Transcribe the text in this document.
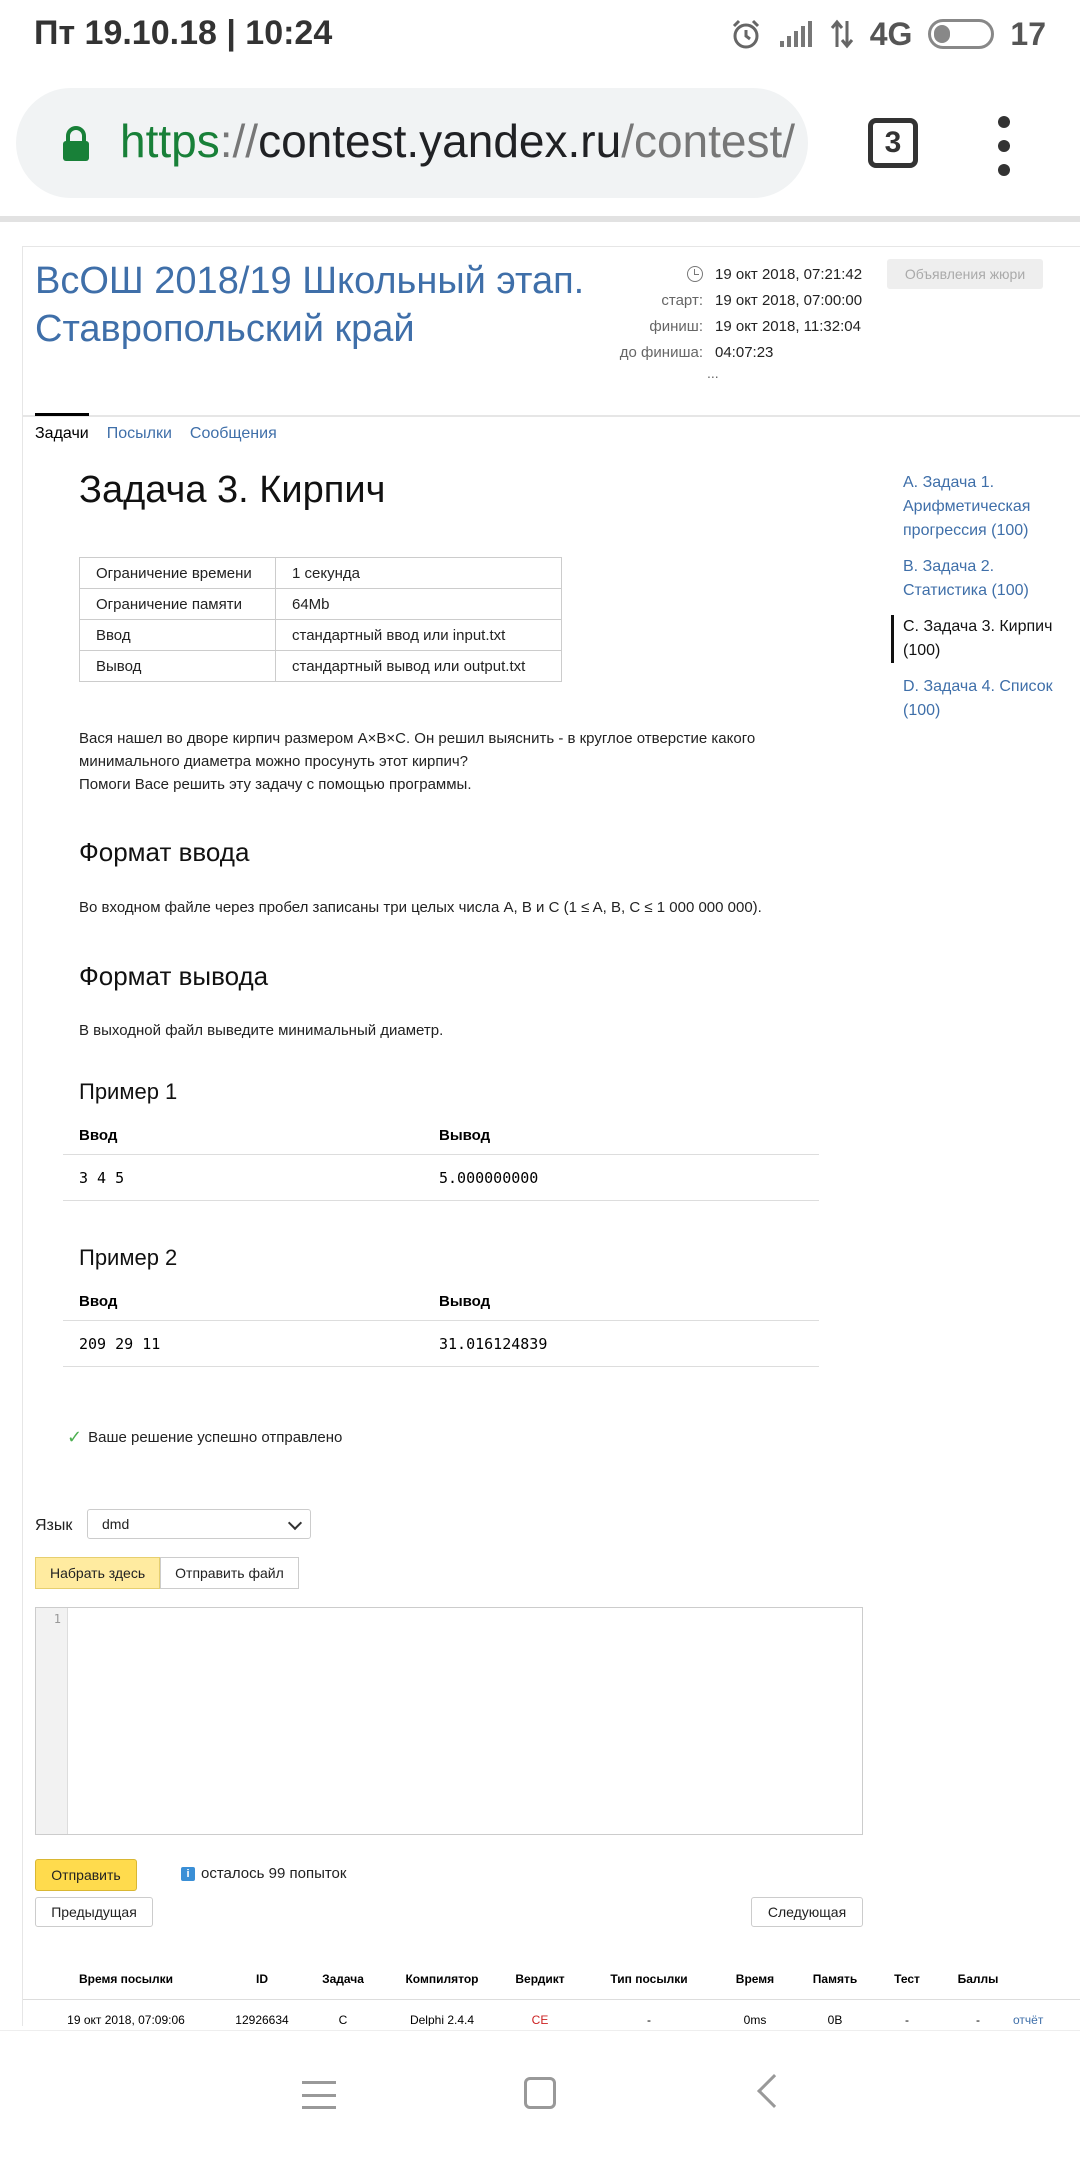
Пт 19.10.18 | 10:24	4G	17
https://contest.yandex.ru/contest/	3
ВсОШ 2018/19 Школьный этап. Ставропольский край
19 окт 2018, 07:21:42
старт: 19 окт 2018, 07:00:00
финиш: 19 окт 2018, 11:32:04
до финиша: 04:07:23
...
Объявления жюри
Задачи Посылки Сообщения
Задача 3. Кирпич
Ограничение времени	1 секунда
Ограничение памяти	64Mb
Ввод	стандартный ввод или input.txt
Вывод	стандартный вывод или output.txt
Вася нашел во дворе кирпич размером A×B×C. Он решил выяснить - в круглое отверстие какого минимального диаметра можно просунуть этот кирпич?
Помоги Васе решить эту задачу с помощью программы.
Формат ввода
Во входном файле через пробел записаны три целых числа A, B и C (1 ≤ A, B, C ≤ 1 000 000 000).
Формат вывода
В выходной файл выведите минимальный диаметр.
Пример 1
Ввод	Вывод
3 4 5	5.000000000
Пример 2
Ввод	Вывод
209 29 11	31.016124839
✓ Ваше решение успешно отправлено
Язык	dmd
Набрать здесь	Отправить файл
1
Отправить	i осталось 99 попыток
Предыдущая	Следующая
Время посылки	ID	Задача	Компилятор	Вердикт	Тип посылки	Время	Память	Тест	Баллы
19 окт 2018, 07:09:06	12926634	C	Delphi 2.4.4	CE	-	0ms	0B	-	-	отчёт
A. Задача 1. Арифметическая прогрессия (100)
B. Задача 2. Статистика (100)
C. Задача 3. Кирпич (100)
D. Задача 4. Список (100)
